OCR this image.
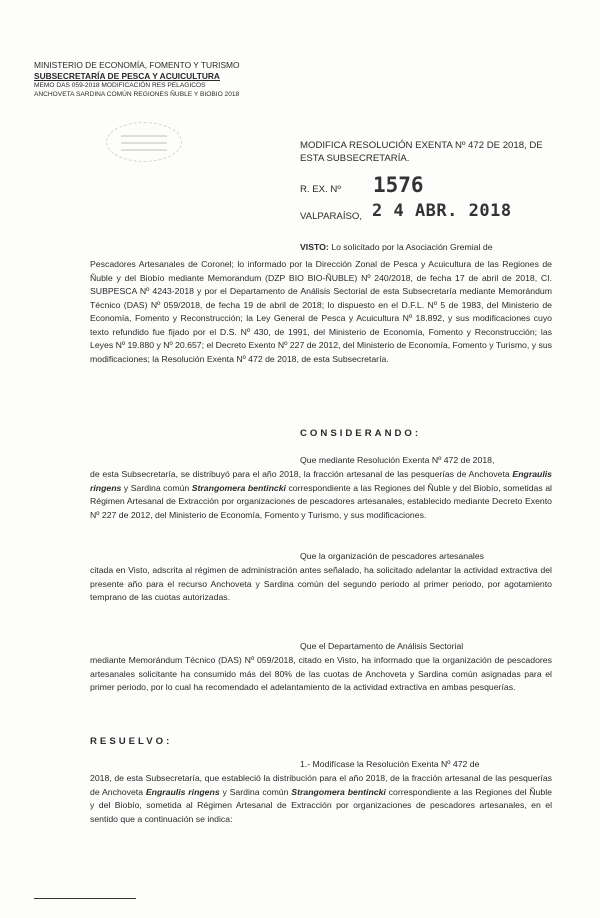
MINISTERIO DE ECONOMÍA, FOMENTO Y TURISMO
SUBSECRETARÍA DE PESCA Y ACUICULTURA
MEMO DAS 059-2018 MODIFICACIÓN RES PELAGICOS
ANCHOVETA SARDINA COMÚN REGIONES ÑUBLE Y BIOBIO 2018
MODIFICA RESOLUCIÓN EXENTA Nº 472 DE 2018, DE ESTA SUBSECRETARÍA.
R. EX. Nº 1576
VALPARAÍSO, 2 4 ABR. 2018
VISTO: Lo solicitado por la Asociación Gremial de

Pescadores Artesanales de Coronel; lo informado por la Dirección Zonal de Pesca y Acuicultura de las Regiones de Ñuble y del Biobío mediante Memorandum (DZP BIO BIO-ÑUBLE) Nº 240/2018, de fecha 17 de abril de 2018, CI. SUBPESCA Nº 4243-2018 y por el Departamento de Análisis Sectorial de esta Subsecretaría mediante Memorándum Técnico (DAS) Nº 059/2018, de fecha 19 de abril de 2018; lo dispuesto en el D.F.L. Nº 5 de 1983, del Ministerio de Economía, Fomento y Reconstrucción; la Ley General de Pesca y Acuicultura Nº 18.892, y sus modificaciones cuyo texto refundido fue fijado por el D.S. Nº 430, de 1991, del Ministerio de Economía, Fomento y Reconstrucción; las Leyes Nº 19.880 y Nº 20.657; el Decreto Exento Nº 227 de 2012, del Ministerio de Economía, Fomento y Turismo, y sus modificaciones; la Resolución Exenta Nº 472 de 2018, de esta Subsecretaría.

CONSIDERANDO:

Que mediante Resolución Exenta Nº 472 de 2018,

de esta Subsecretaría, se distribuyó para el año 2018, la fracción artesanal de las pesquerías de Anchoveta Engraulis ringens y Sardina común Strangomera bentincki correspondiente a las Regiones del Ñuble y del Biobío, sometidas al Régimen Artesanal de Extracción por organizaciones de pescadores artesanales, establecido mediante Decreto Exento Nº 227 de 2012, del Ministerio de Economía, Fomento y Turismo, y sus modificaciones.

Que la organización de pescadores artesanales

citada en Visto, adscrita al régimen de administración antes señalado, ha solicitado adelantar la actividad extractiva del presente año para el recurso Anchoveta y Sardina común del segundo periodo al primer periodo, por agotamiento temprano de las cuotas autorizadas.

Que el Departamento de Análisis Sectorial

mediante Memorándum Técnico (DAS) Nº 059/2018, citado en Visto, ha informado que la organización de pescadores artesanales solicitante ha consumido más del 80% de las cuotas de Anchoveta y Sardina común asignadas para el primer periodo, por lo cual ha recomendado el adelantamiento de la actividad extractiva en ambas pesquerías.

RESUELVO:

1.- Modifícase la Resolución Exenta Nº 472 de

2018, de esta Subsecretaría, que estableció la distribución para el año 2018, de la fracción artesanal de las pesquerías de Anchoveta Engraulis ringens y Sardina común Strangomera bentincki correspondiente a las Regiones del Ñuble y del Biobío, sometida al Régimen Artesanal de Extracción por organizaciones de pescadores artesanales, en el sentido que a continuación se indica:
